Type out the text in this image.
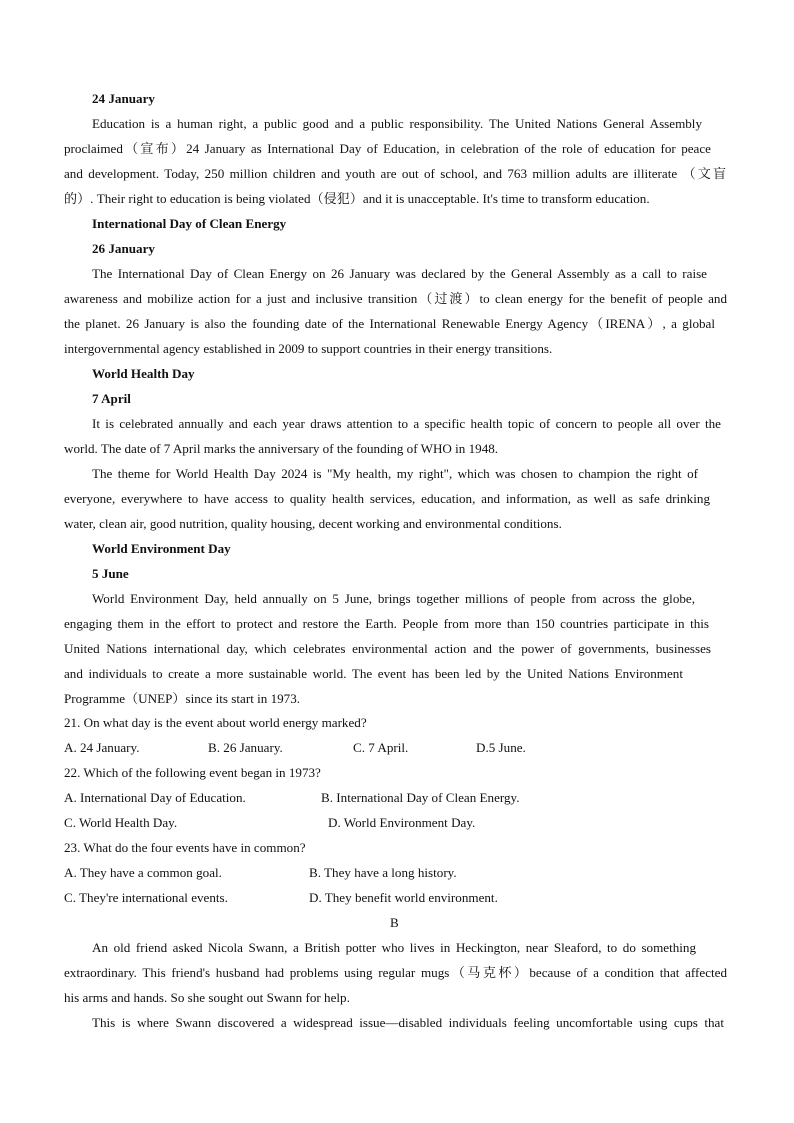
24 January
Education is a human right, a public good and a public responsibility. The United Nations General Assembly
proclaimed（宣布）24 January as International Day of Education, in celebration of the role of education for peace
and development. Today, 250 million children and youth are out of school, and 763 million adults are illiterate （文盲
的）. Their right to education is being violated（侵犯）and it is unacceptable. It's time to transform education.
International Day of Clean Energy
26 January
The International Day of Clean Energy on 26 January was declared by the General Assembly as a call to raise
awareness and mobilize action for a just and inclusive transition（过渡）to clean energy for the benefit of people and
the planet. 26 January is also the founding date of the International Renewable Energy Agency（IRENA）, a global
intergovernmental agency established in 2009 to support countries in their energy transitions.
World Health Day
7 April
It is celebrated annually and each year draws attention to a specific health topic of concern to people all over the
world. The date of 7 April marks the anniversary of the founding of WHO in 1948.
The theme for World Health Day 2024 is "My health, my right", which was chosen to champion the right of
everyone, everywhere to have access to quality health services, education, and information, as well as safe drinking
water, clean air, good nutrition, quality housing, decent working and environmental conditions.
World Environment Day
5 June
World Environment Day, held annually on 5 June, brings together millions of people from across the globe,
engaging them in the effort to protect and restore the Earth. People from more than 150 countries participate in this
United Nations international day, which celebrates environmental action and the power of governments, businesses
and individuals to create a more sustainable world. The event has been led by the United Nations Environment
Programme（UNEP）since its start in 1973.
21. On what day is the event about world energy marked?
A. 24 January.	B. 26 January.	C. 7 April.	D.5 June.
22. Which of the following event began in 1973?
A. International Day of Education.	B. International Day of Clean Energy.
C. World Health Day.	D. World Environment Day.
23. What do the four events have in common?
A. They have a common goal.	B. They have a long history.
C. They're international events.	D. They benefit world environment.
B
An old friend asked Nicola Swann, a British potter who lives in Heckington, near Sleaford, to do something
extraordinary. This friend's husband had problems using regular mugs（马克杯）because of a condition that affected
his arms and hands. So she sought out Swann for help.
This is where Swann discovered a widespread issue—disabled individuals feeling uncomfortable using cups that
